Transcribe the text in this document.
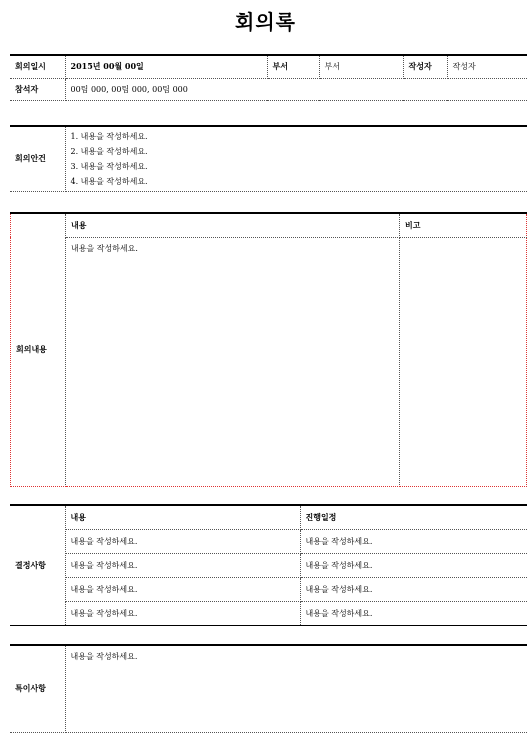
회의록
회의일시	2015년 00월 00일	부서	부서	작성자	작성자
참석자	00팀 000, 00팀 000, 00팀 000				
회의안건	
1. 내용을 작성하세요.
2. 내용을 작성하세요.
3. 내용을 작성하세요.
4. 내용을 작성하세요.
회의내용	내용	비고
	내용을 작성하세요.	
결정사항	내용	진행일정
	내용을 작성하세요.	내용을 작성하세요.
	내용을 작성하세요.	내용을 작성하세요.
	내용을 작성하세요.	내용을 작성하세요.
	내용을 작성하세요.	내용을 작성하세요.
특이사항	내용을 작성하세요.
